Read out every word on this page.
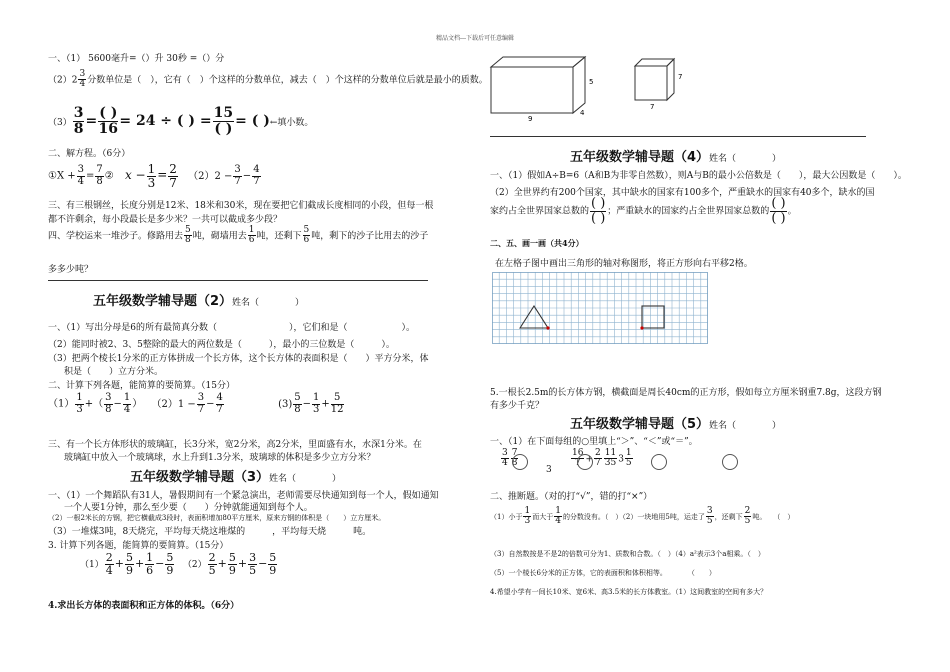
精品文档---下载后可任意编辑
一、（1） 5600毫升=（）升 30秒 =（）分
$(2)2 \frac{3}{4}$ 分数单位是（　），它有（　）个这样的分数单位，减去（　）个这样的分数单位后就是最小的质数。
$(3) \frac{3}{8}$ =
( )
16 = 24 ÷ ( ) =
15
( ) = ( )←填小数。
二、解方程。（6分）
①X + $\frac{3}{4} = \frac{7}{8}$ ② $x - \frac{1}{3} = \frac{2}{7} (2)2 - \frac{3}{7} - \frac{4}{7}$
三、有三根钢丝，长度分别是12米、18米和30米，现在要把它们截成长度相同的小段，但每一根
都不许剩余，每小段最长是多少米？一共可以截成多少段？
四、学校运来一堆沙子。修路用去 $\frac{5}{8}$ 吨，砌墙用去 $\frac{1}{6}$ 吨，还剩下 $\frac{5}{6}$ 吨，剩下的沙子比用去的沙子
多多少吨？
五年级数学辅导题（2）姓名（　　　　）
一、（1）写出分母是6的所有最简真分数（　　　　　　　　），它们和是（　　　　　　）。
（2）能同时被2、3、5整除的最大的两位数是（　　　），最小的三位数是（　　　）。
（3）把两个棱长1分米的正方体拼成一个长方体，这个长方体的表面积是（　　）平方分米，体
积是（　　）立方分米。
二、计算下列各题，能简算的要简算。（15分）
$(1) \frac{1}{3}$ +（ $\frac{3}{8} - \frac{1}{4}$ ） $(2)1 - \frac{3}{7} - \frac{4}{7}$	$(3) \frac{5}{8} - \frac{1}{3} + \frac{5}{12}$
三、有一个长方体形状的玻璃缸，长3分米，宽2分米，高2分米，里面盛有水，水深1分米。在
玻璃缸中放入一个玻璃球，水上升到1.3分米，玻璃球的体积是多少立方分米？
五年级数学辅导题（3）姓名（　　　　）
一、（1）一个舞蹈队有31人，暑假期间有一个紧急演出，老师需要尽快通知到每一个人，假如通知
一个人要1分钟，那么至少要（　　）分钟就能通知到每个人。
（2）一根2米长的方钢，把它横截成3段时，表面积增加80平方厘米，原来方钢的体积是（　　）立方厘米。
（3）一堆煤3吨，8天烧完，平均每天烧这堆煤的　　　，平均每天烧　　　吨。
3. 计算下列各题，能简算的要简算。（15分）
$(1) \frac{2}{4} + \frac{5}{9} + \frac{1}{6} - \frac{5}{9} (2) \frac{2}{5} + \frac{5}{9} + \frac{3}{5} - \frac{5}{9}$
4.求出长方体的表面积和正方体的体积。（6分）
5
4
9
7
7
五年级数学辅导题（4）姓名（　　　　）
一、（1）假如A÷B=6（A和B为非零自然数），则A与B的最小公倍数是（　　），最大公因数是（　　）。
（2）全世界约有200个国家，其中缺水的国家有100多个，严重缺水的国家有40多个，缺水的国
家约占全世界国家总数的
( )
( ) ；严重缺水的国家约占全世界国家总数的
( )
( ) 。
二、五、画一画（共4分）
在左格子图中画出三角形的轴对称图形，将正方形向右平移2格。
5.一根长2.5m的长方体方钢，横截面是周长40cm的正方形，假如每立方厘米钢重7.8g，这段方钢
有多少千克？
五年级数学辅导题（5）姓名（　　　　）
一、（1）在下面每组的○里填上“＞”、“＜”或“＝”。
$\frac{3}{4} \frac{7}{8}$
3
$\frac{16}{7} + \frac{2}{7} \frac{11}{35} 3 \frac{1}{5}$
二、推断题。（对的打“√”，错的打“×”）
（1）小于 $\frac{1}{3}$ 而大于 $\frac{1}{4}$ 的分数没有。（　）（2）一块地用5吨，运走了 $\frac{3}{5}$ ，还剩下 $\frac{2}{5}$ 吨。　　（　）
（3）自然数按是不是2的倍数可分为1、质数和合数。（　）（4）a²表示3个a相乘。（　）
（5）一个棱长6分米的正方体，它的表面积和体积相等。　　　　（　　）
4.希望小学有一间长10米、宽6米、高3.5米的长方体教室。（1）这间教室的空间有多大？
